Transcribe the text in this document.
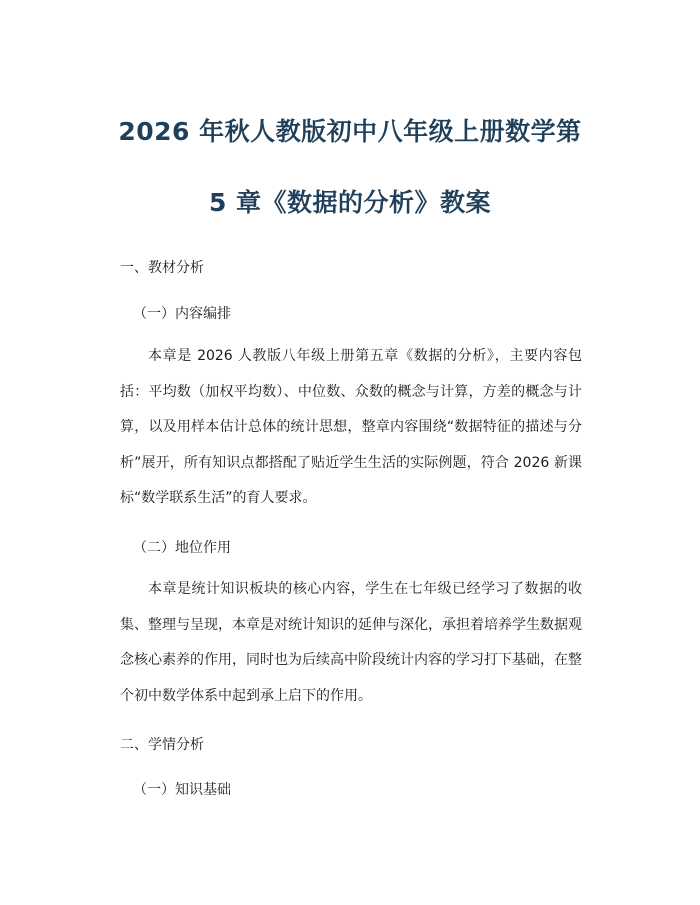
2026 年秋人教版初中八年级上册数学第
5 章《数据的分析》教案
一、教材分析
（一）内容编排
本章是 2026 人教版八年级上册第五章《数据的分析》，主要内容包括：平均数（加权平均数）、中位数、众数的概念与计算，方差的概念与计算，以及用样本估计总体的统计思想，整章内容围绕“数据特征的描述与分析”展开，所有知识点都搭配了贴近学生生活的实际例题，符合 2026 新课标“数学联系生活”的育人要求。
（二）地位作用
本章是统计知识板块的核心内容，学生在七年级已经学习了数据的收集、整理与呈现，本章是对统计知识的延伸与深化，承担着培养学生数据观念核心素养的作用，同时也为后续高中阶段统计内容的学习打下基础，在整个初中数学体系中起到承上启下的作用。
二、学情分析
（一）知识基础
